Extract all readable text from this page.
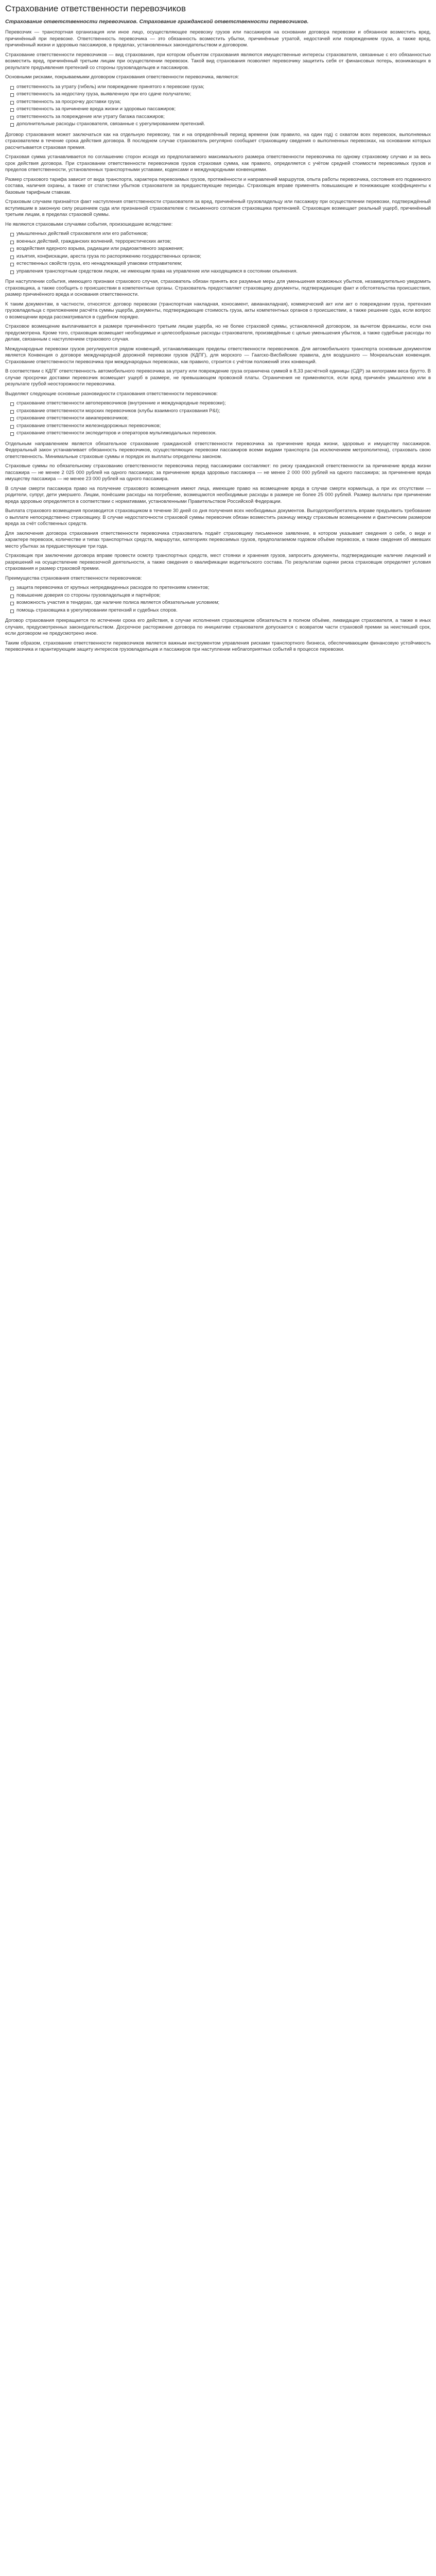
Страхование ответственности перевозчиков
Страхование ответственности перевозчиков. Страхование гражданской ответственности перевозчиков.

Перевозчик — транспортная организация или иное лицо, осуществляющее перевозку грузов или пассажиров на основании договора перевозки и обязанное возместить вред, причинённый при перевозке. Ответственность перевозчика — это обязанность возместить убытки, причинённые утратой, недостачей или повреждением груза, а также вред, причинённый жизни и здоровью пассажиров, в пределах, установленных законодательством и договором.

Страхование ответственности перевозчиков — вид страхования, при котором объектом страхования являются имущественные интересы страхователя, связанные с его обязанностью возместить вред, причинённый третьим лицам при осуществлении перевозок. Такой вид страхования позволяет перевозчику защитить себя от финансовых потерь, возникающих в результате предъявления претензий со стороны грузовладельцев и пассажиров.

Основными рисками, покрываемыми договором страхования ответственности перевозчика, являются:

ответственность за утрату (гибель) или повреждение принятого к перевозке груза;
ответственность за недостачу груза, выявленную при его сдаче получателю;
ответственность за просрочку доставки груза;
ответственность за причинение вреда жизни и здоровью пассажиров;
ответственность за повреждение или утрату багажа пассажиров;
дополнительные расходы страхователя, связанные с урегулированием претензий.

Договор страхования может заключаться как на отдельную перевозку, так и на определённый период времени (как правило, на один год) с охватом всех перевозок, выполняемых страхователем в течение срока действия договора. В последнем случае страхователь регулярно сообщает страховщику сведения о выполненных перевозках, на основании которых рассчитывается страховая премия.

Страховая сумма устанавливается по соглашению сторон исходя из предполагаемого максимального размера ответственности перевозчика по одному страховому случаю и за весь срок действия договора. При страховании ответственности перевозчиков грузов страховая сумма, как правило, определяется с учётом средней стоимости перевозимых грузов и пределов ответственности, установленных транспортными уставами, кодексами и международными конвенциями.

Размер страхового тарифа зависит от вида транспорта, характера перевозимых грузов, протяжённости и направлений маршрутов, опыта работы перевозчика, состояния его подвижного состава, наличия охраны, а также от статистики убытков страхователя за предшествующие периоды. Страховщик вправе применять повышающие и понижающие коэффициенты к базовым тарифным ставкам.

Страховым случаем признаётся факт наступления ответственности страхователя за вред, причинённый грузовладельцу или пассажиру при осуществлении перевозки, подтверждённый вступившим в законную силу решением суда или признанной страхователем с письменного согласия страховщика претензией. Страховщик возмещает реальный ущерб, причинённый третьим лицам, в пределах страховой суммы.

Не являются страховыми случаями события, произошедшие вследствие:

умышленных действий страхователя или его работников;
военных действий, гражданских волнений, террористических актов;
воздействия ядерного взрыва, радиации или радиоактивного заражения;
изъятия, конфискации, ареста груза по распоряжению государственных органов;
естественных свойств груза, его ненадлежащей упаковки отправителем;
управления транспортным средством лицом, не имеющим права на управление или находящимся в состоянии опьянения.

При наступлении события, имеющего признаки страхового случая, страхователь обязан принять все разумные меры для уменьшения возможных убытков, незамедлительно уведомить страховщика, а также сообщить о происшествии в компетентные органы. Страхователь предоставляет страховщику документы, подтверждающие факт и обстоятельства происшествия, размер причинённого вреда и основания ответственности.

К таким документам, в частности, относятся: договор перевозки (транспортная накладная, коносамент, авианакладная), коммерческий акт или акт о повреждении груза, претензия грузовладельца с приложением расчёта суммы ущерба, документы, подтверждающие стоимость груза, акты компетентных органов о происшествии, а также решение суда, если вопрос о возмещении вреда рассматривался в судебном порядке.

Страховое возмещение выплачивается в размере причинённого третьим лицам ущерба, но не более страховой суммы, установленной договором, за вычетом франшизы, если она предусмотрена. Кроме того, страховщик возмещает необходимые и целесообразные расходы страхователя, произведённые с целью уменьшения убытков, а также судебные расходы по делам, связанным с наступлением страхового случая.

Международные перевозки грузов регулируются рядом конвенций, устанавливающих пределы ответственности перевозчиков. Для автомобильного транспорта основным документом является Конвенция о договоре международной дорожной перевозки грузов (КДПГ), для морского — Гаагско-Висбийские правила, для воздушного — Монреальская конвенция. Страхование ответственности перевозчика при международных перевозках, как правило, строится с учётом положений этих конвенций.

В соответствии с КДПГ ответственность автомобильного перевозчика за утрату или повреждение груза ограничена суммой в 8,33 расчётной единицы (СДР) за килограмм веса брутто. В случае просрочки доставки перевозчик возмещает ущерб в размере, не превышающем провозной платы. Ограничения не применяются, если вред причинён умышленно или в результате грубой неосторожности перевозчика.

Выделяют следующие основные разновидности страхования ответственности перевозчиков:

страхование ответственности автоперевозчиков (внутренние и международные перевозки);
страхование ответственности морских перевозчиков (клубы взаимного страхования P&I);
страхование ответственности авиаперевозчиков;
страхование ответственности железнодорожных перевозчиков;
страхование ответственности экспедиторов и операторов мультимодальных перевозок.

Отдельным направлением является обязательное страхование гражданской ответственности перевозчика за причинение вреда жизни, здоровью и имуществу пассажиров. Федеральный закон устанавливает обязанность перевозчиков, осуществляющих перевозки пассажиров всеми видами транспорта (за исключением метрополитена), страховать свою ответственность. Минимальные страховые суммы и порядок их выплаты определены законом.

Страховые суммы по обязательному страхованию ответственности перевозчика перед пассажирами составляют: по риску гражданской ответственности за причинение вреда жизни пассажира — не менее 2 025 000 рублей на одного пассажира; за причинение вреда здоровью пассажира — не менее 2 000 000 рублей на одного пассажира; за причинение вреда имуществу пассажира — не менее 23 000 рублей на одного пассажира.

В случае смерти пассажира право на получение страхового возмещения имеют лица, имеющие право на возмещение вреда в случае смерти кормильца, а при их отсутствии — родители, супруг, дети умершего. Лицам, понёсшим расходы на погребение, возмещаются необходимые расходы в размере не более 25 000 рублей. Размер выплаты при причинении вреда здоровью определяется в соответствии с нормативами, установленными Правительством Российской Федерации.

Выплата страхового возмещения производится страховщиком в течение 30 дней со дня получения всех необходимых документов. Выгодоприобретатель вправе предъявить требование о выплате непосредственно страховщику. В случае недостаточности страховой суммы перевозчик обязан возместить разницу между страховым возмещением и фактическим размером вреда за счёт собственных средств.

Для заключения договора страхования ответственности перевозчика страхователь подаёт страховщику письменное заявление, в котором указывает сведения о себе, о виде и характере перевозок, количестве и типах транспортных средств, маршрутах, категориях перевозимых грузов, предполагаемом годовом объёме перевозок, а также сведения об имевших место убытках за предшествующие три года.

Страховщик при заключении договора вправе провести осмотр транспортных средств, мест стоянки и хранения грузов, запросить документы, подтверждающие наличие лицензий и разрешений на осуществление перевозочной деятельности, а также сведения о квалификации водительского состава. По результатам оценки риска страховщик определяет условия страхования и размер страховой премии.

Преимущества страхования ответственности перевозчиков:

защита перевозчика от крупных непредвиденных расходов по претензиям клиентов;
повышение доверия со стороны грузовладельцев и партнёров;
возможность участия в тендерах, где наличие полиса является обязательным условием;
помощь страховщика в урегулировании претензий и судебных споров.

Договор страхования прекращается по истечении срока его действия, в случае исполнения страховщиком обязательств в полном объёме, ликвидации страхователя, а также в иных случаях, предусмотренных законодательством. Досрочное расторжение договора по инициативе страхователя допускается с возвратом части страховой премии за неистекший срок, если договором не предусмотрено иное.

Таким образом, страхование ответственности перевозчиков является важным инструментом управления рисками транспортного бизнеса, обеспечивающим финансовую устойчивость перевозчика и гарантирующим защиту интересов грузовладельцев и пассажиров при наступлении неблагоприятных событий в процессе перевозки.
